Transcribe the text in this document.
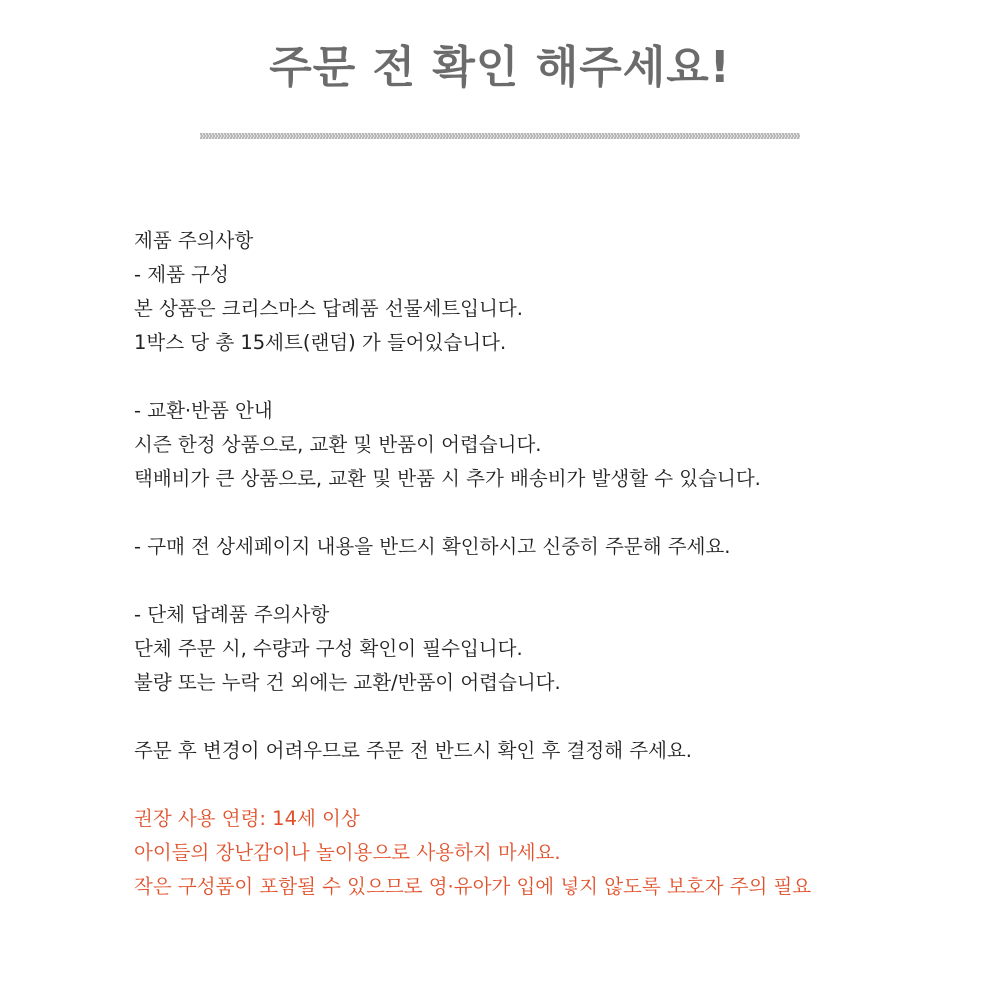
주문 전 확인 해주세요!
제품 주의사항
- 제품 구성
본 상품은 크리스마스 답례품 선물세트입니다.
1박스 당 총 15세트(랜덤) 가 들어있습니다.
- 교환·반품 안내
시즌 한정 상품으로, 교환 및 반품이 어렵습니다.
택배비가 큰 상품으로, 교환 및 반품 시 추가 배송비가 발생할 수 있습니다.
- 구매 전 상세페이지 내용을 반드시 확인하시고 신중히 주문해 주세요.
- 단체 답례품 주의사항
단체 주문 시, 수량과 구성 확인이 필수입니다.
불량 또는 누락 건 외에는 교환/반품이 어렵습니다.
주문 후 변경이 어려우므로 주문 전 반드시 확인 후 결정해 주세요.
권장 사용 연령: 14세 이상
아이들의 장난감이나 놀이용으로 사용하지 마세요.
작은 구성품이 포함될 수 있으므로 영·유아가 입에 넣지 않도록 보호자 주의 필요
